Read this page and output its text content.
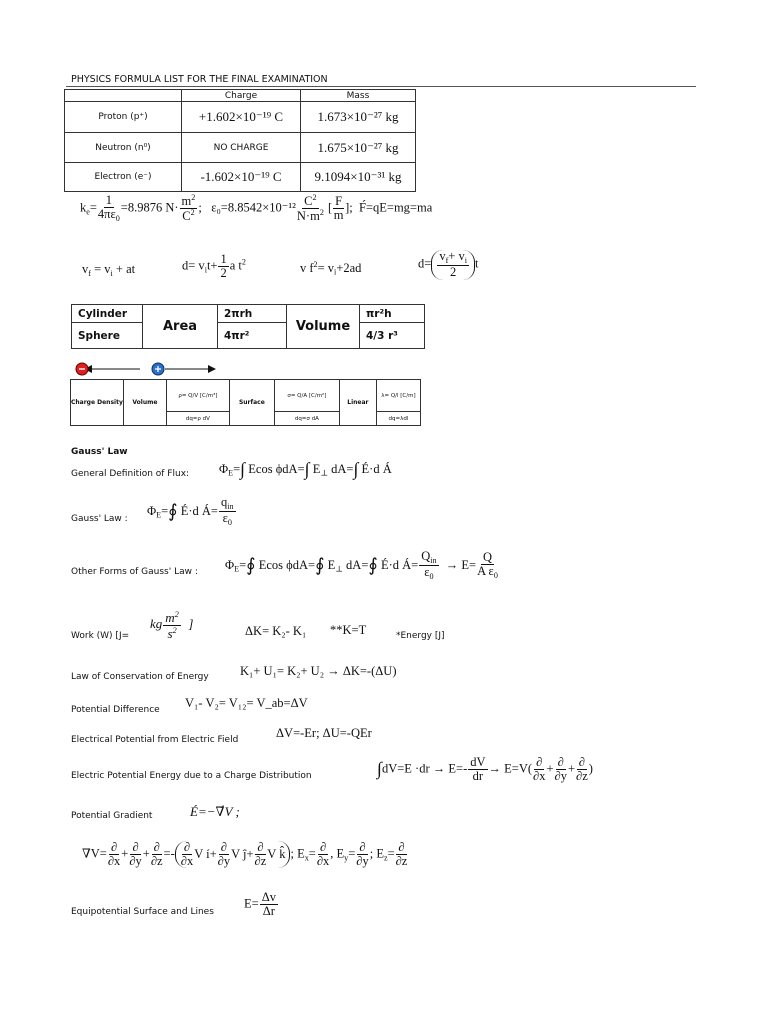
PHYSICS FORMULA LIST FOR THE FINAL EXAMINATION
	Charge	Mass
Proton (p⁺)	+1.602×10⁻¹⁹ C	1.673×10⁻²⁷ kg
Neutron (n⁰)	NO CHARGE	1.675×10⁻²⁷ kg
Electron (e⁻)	-1.602×10⁻¹⁹ C	9.1094×10⁻³¹ kg
$k_e= \frac{1}{4\pi\varepsilon_0} =8.9876$ $N\cdot \frac{m^2}{C^2}$ ;   $\varepsilon_0=8.8542\times 10^{-12} \frac{C^2}{N\cdot m^2}$ [ $\frac{F}{m}$ ];  F́=qE=mg=ma
$v_f = v_i$ + at	$d= v_it+ \frac{1}{2}$ a $t^2$	v $f^2= v_i+2ad$	$d= \frac{v_f+ v_i}{2}$ t
Cylinder	Area	2πrh	Volume	πr²h
Sphere		4πr²		4/3 r³
Charge Density	Volume	ρ= Q/V [C/m³]	Surface	σ= Q/A [C/m²]	Linear	λ= Q/l [C/m]
		dq=ρ dV		dq=σ dA		dq=λdl
Gauss' Law
General Definition of Flux: $\Phi_E=\int$ Ecos ϕdA=∫ $E_\perp$ dA=∫ É·d Á
Gauss' Law :
$\Phi_E=∮$ É·d Á= $\frac{q_{in}}{\varepsilon_0}$
Other Forms of Gauss' Law :
$\Phi_E=∮$ Ecos ϕdA=∮ $E_\perp$ dA=∮ É·d Á= $\frac{Q_{in}}{\varepsilon_0} \to E= \frac{Q}{A \varepsilon_0}$
Work (W) [J=
kg $\frac{m^2}{s^2}$ ]	ΔK= K₂- K₁ **K=T	*Energy [J]
Law of Conservation of Energy	K₁+ U₁= K₂+ U₂ → ΔK=-(ΔU)
Potential Difference V₁- V₂= V₁₂= V_ab=ΔV
Electrical Potential from Electric Field	ΔV=-Er; ΔU=-QEr
Electric Potential Energy due to a Charge Distribution	$\int dV=E \cdot dr \to E=- \frac{dV}{dr} \to E=V( \frac{\partial}{\partial x} + \frac{\partial}{\partial y} + \frac{\partial}{\partial z}$ )
Potential Gradient	É=−∇́V ;
$\nabla V= \frac{\partial}{\partial x} + \frac{\partial}{\partial y} + \frac{\partial}{\partial z} =- \frac{\partial}{\partial x}$ V í+ $\frac{\partial}{\partial y}$ V ĵ+ $\frac{\partial}{\partial z}$ V k̂ ; $E_x= \frac{\partial}{\partial x}$ , $E_y= \frac{\partial}{\partial y}$ ; $E_z= \frac{\partial}{\partial z}$
Equipotential Surface and Lines
$E= \frac{\Delta v}{\Delta r}$
